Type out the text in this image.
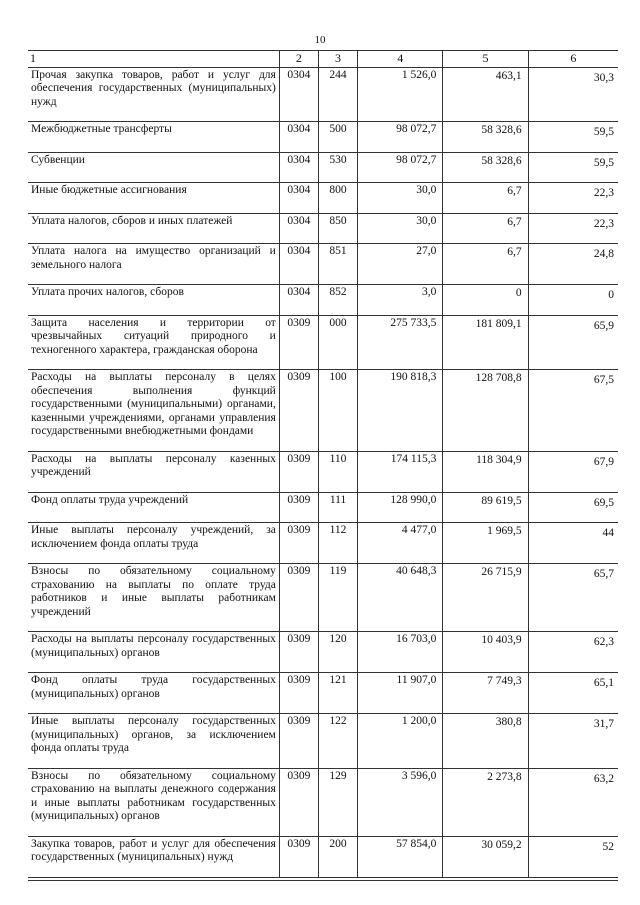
10
1	2	3	4	5	6
Прочая закупка товаров, работ и услуг для обеспечения государственных (муниципальных) нужд	0304	244	1 526,0	463,1	30,3
Межбюджетные трансферты	0304	500	98 072,7	58 328,6	59,5
Субвенции	0304	530	98 072,7	58 328,6	59,5
Иные бюджетные ассигнования	0304	800	30,0	6,7	22,3
Уплата налогов, сборов и иных платежей	0304	850	30,0	6,7	22,3
Уплата налога на имущество организаций и земельного налога	0304	851	27,0	6,7	24,8
Уплата прочих налогов, сборов	0304	852	3,0	0	0
Защита населения и территории от чрезвычайных ситуаций природного и техногенного характера, гражданская оборона	0309	000	275 733,5	181 809,1	65,9
Расходы на выплаты персоналу в целях обеспечения выполнения функций государственными (муниципальными) органами, казенными учреждениями, органами управления государственными внебюджетными фондами	0309	100	190 818,3	128 708,8	67,5
Расходы на выплаты персоналу казенных учреждений	0309	110	174 115,3	118 304,9	67,9
Фонд оплаты труда учреждений	0309	111	128 990,0	89 619,5	69,5
Иные выплаты персоналу учреждений, за исключением фонда оплаты труда	0309	112	4 477,0	1 969,5	44
Взносы по обязательному социальному страхованию на выплаты по оплате труда работников и иные выплаты работникам учреждений	0309	119	40 648,3	26 715,9	65,7
Расходы на выплаты персоналу государственных (муниципальных) органов	0309	120	16 703,0	10 403,9	62,3
Фонд оплаты труда государственных (муниципальных) органов	0309	121	11 907,0	7 749,3	65,1
Иные выплаты персоналу государственных (муниципальных) органов, за исключением фонда оплаты труда	0309	122	1 200,0	380,8	31,7
Взносы по обязательному социальному страхованию на выплаты денежного содержания и иные выплаты работникам государственных (муниципальных) органов	0309	129	3 596,0	2 273,8	63,2
Закупка товаров, работ и услуг для обеспечения государственных (муниципальных) нужд	0309	200	57 854,0	30 059,2	52
